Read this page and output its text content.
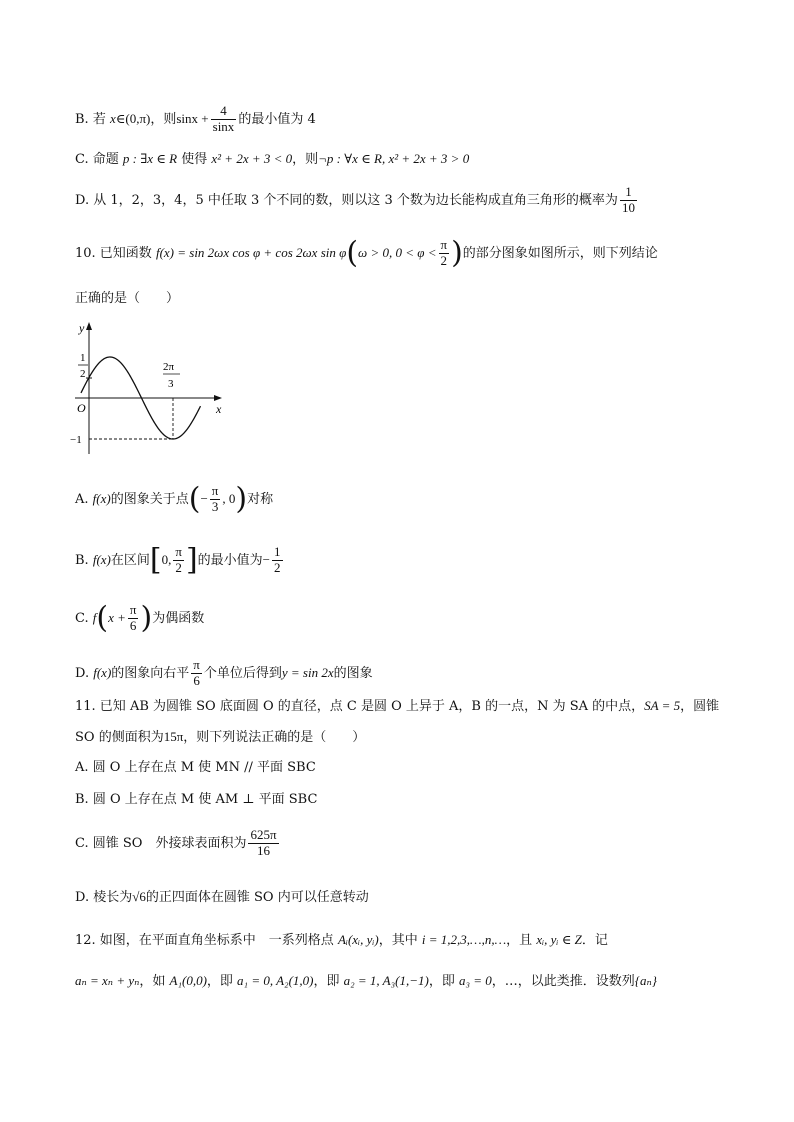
B. 若 x∈(0,π)，则$\sin x + \frac{4}{\sin x}$ 的最小值为 4
C. 命题 p : ∃x ∈ R 使得 x² + 2x + 3 < 0，则¬p : ∀x ∈ R, x² + 2x + 3 > 0
D. 从 1，2，3，4，5 中任取 3 个不同的数，则以这 3 个数为边长能构成直角三角形的概率为 $\frac{1}{10}$
10. 已知函数 f(x) = sin 2ωx cos φ + cos 2ωx sin φ(ω > 0, $0 < \varphi < \frac{\pi}{2}$ )的部分图象如图所示，则下列结论
正确的是（　　）
y
x
O
1
2
2π
3
−1
A. f(x)的图象关于点(− $\frac{\pi}{3}$ , 0)对称
B. f(x)在区间[0, $\frac{\pi}{2}$ ]的最小值为− $\frac{1}{2}$
C. $f(x + \frac{\pi}{6}$ )为偶函数
D. f(x)的图象向右平 $\frac{\pi}{6}$ 个单位后得到y = sin 2x的图象
11. 已知 AB 为圆锥 SO 底面圆 O 的直径，点 C 是圆 O 上异于 A，B 的一点，N 为 SA 的中点，SA = 5，圆锥
SO 的侧面积为15π，则下列说法正确的是（　　）
A. 圆 O 上存在点 M 使 MN // 平面 SBC
B. 圆 O 上存在点 M 使 AM ⊥ 平面 SBC
C. 圆锥 SO　外接球表面积为 $\frac{625\pi}{16}$
D. 棱长为√6的正四面体在圆锥 SO 内可以任意转动
12. 如图，在平面直角坐标系中　一系列格点 Aᵢ(xᵢ, yᵢ)，其中 i = 1,2,3,…,n,…，且 xᵢ, yᵢ ∈ Z．记
aₙ = xₙ + yₙ，如 A₁(0,0)，即 a₁ = 0, A₂(1,0)，即 a₂ = 1, A₃(1,−1)，即 a₃ = 0，…，以此类推．设数列{aₙ}
